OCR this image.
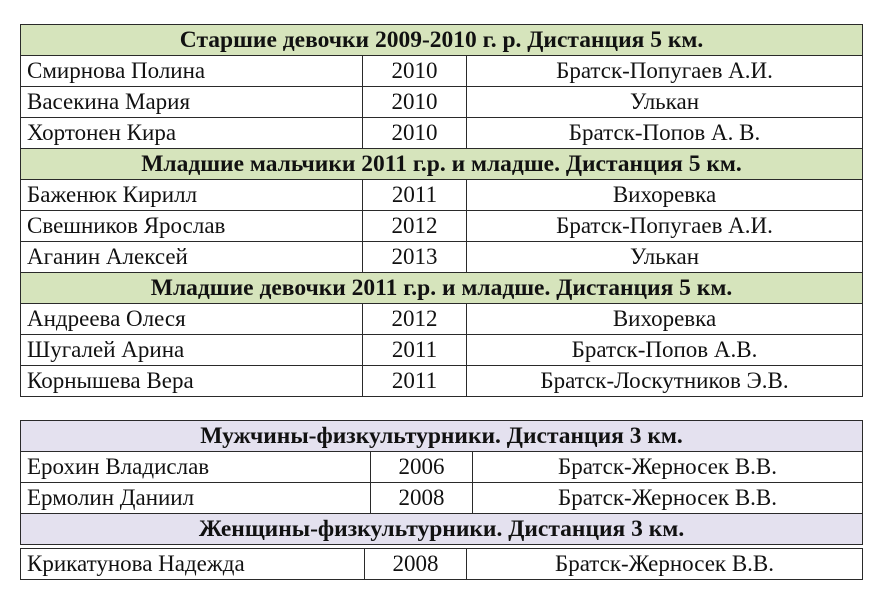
Старшие девочки 2009-2010 г. р. Дистанция 5 км.		
Смирнова Полина	2010	Братск-Попугаев А.И.
Васекина Мария	2010	Улькан
Хортонен Кира	2010	Братск-Попов А. В.
Младшие мальчики 2011 г.р. и младше. Дистанция 5 км.		
Баженюк Кирилл	2011	Вихоревка
Свешников Ярослав	2012	Братск-Попугаев А.И.
Аганин Алексей	2013	Улькан
Младшие девочки 2011 г.р. и младше. Дистанция 5 км.		
Андреева Олеся	2012	Вихоревка
Шугалей Арина	2011	Братск-Попов А.В.
Корнышева Вера	2011	Братск-Лоскутников Э.В.
Мужчины-физкультурники. Дистанция 3 км.		
Ерохин Владислав	2006	Братск-Жерносек В.В.
Ермолин Даниил	2008	Братск-Жерносек В.В.
Женщины-физкультурники. Дистанция 3 км.		
Крикатунова Надежда	2008	Братск-Жерносек В.В.
